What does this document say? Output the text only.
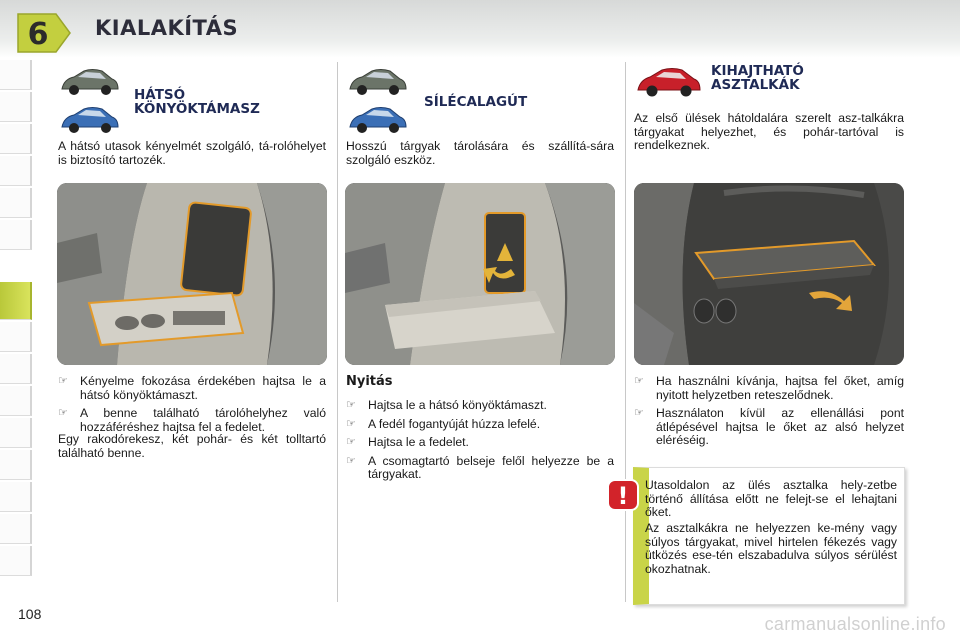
6 KIALAKÍTÁS
HÁTSÓ
KÖNYÖKTÁMASZ
A hátsó utasok kényelmét szolgáló, tá-rolóhelyet is biztosító tartozék.
☞ Kényelme fokozása érdekében hajtsa le a hátsó könyöktámaszt.
☞ A benne található tárolóhelyhez való hozzáféréshez hajtsa fel a fedelet.
Egy rakodórekesz, két pohár- és két tolltartó található benne.
SÍLÉCALAGÚT
Hosszú tárgyak tárolására és szállítá-sára szolgáló eszköz.
Nyitás
☞ Hajtsa le a hátsó könyöktámaszt.
☞ A fedél fogantyúját húzza lefelé.
☞ Hajtsa le a fedelet.
☞ A csomagtartó belseje felől helyezze be a tárgyakat.
KIHAJTHATÓ
ASZTALKÁK
Az első ülések hátoldalára szerelt asz-talkákra tárgyakat helyezhet, és pohár-tartóval is rendelkeznek.
☞ Ha használni kívánja, hajtsa fel őket, amíg nyitott helyzetben reteszelődnek.
☞ Használaton kívül az ellenállási pont átlépésével hajtsa le őket az alsó helyzet eléréséig.
! Utasoldalon az ülés asztalka hely-zetbe történő állítása előtt ne felejt-se el lehajtani őket.
Az asztalkákra ne helyezzen ke-mény vagy súlyos tárgyakat, mivel hirtelen fékezés vagy ütközés ese-tén elszabadulva súlyos sérülést okozhatnak.
108	carmanualsonline.info
